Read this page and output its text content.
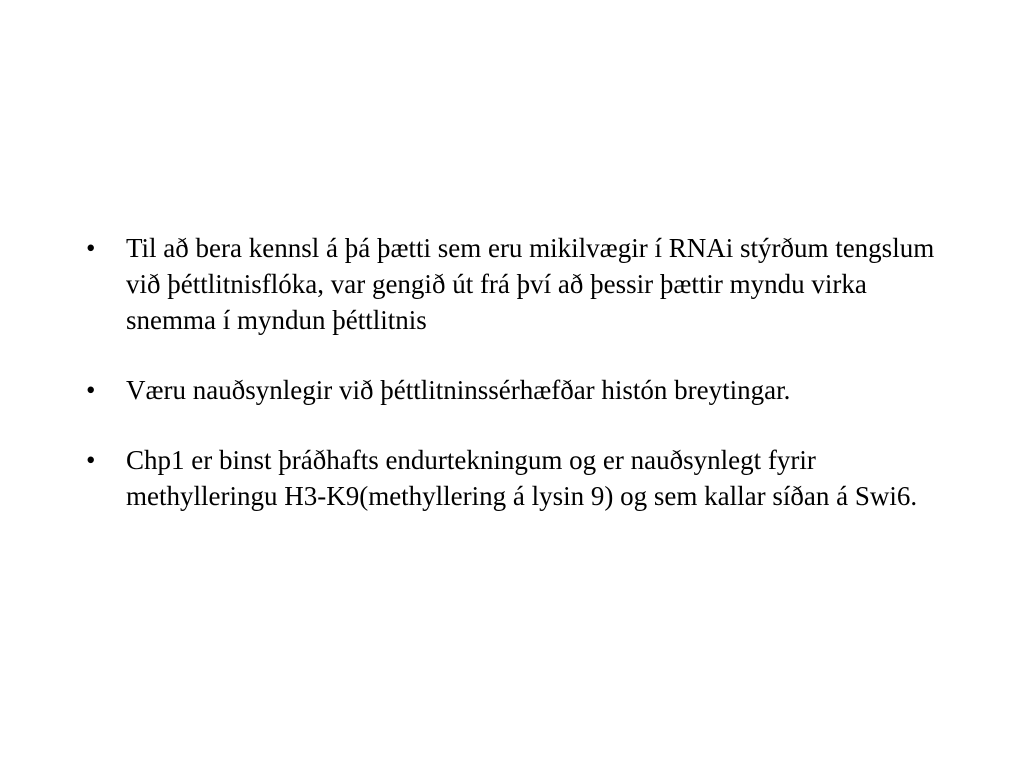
•	Til að bera kennsl á þá þætti sem eru mikilvægir í RNAi stýrðum tengslum við þéttlitnisflóka, var gengið út frá því að þessir þættir myndu virka snemma í myndun þéttlitnis
•	Væru nauðsynlegir við þéttlitninssérhæfðar histón breytingar.
•	Chp1 er binst þráðhafts endurtekningum og er nauðsynlegt fyrir methylleringu H3-K9(methyllering á lysin 9) og sem kallar síðan á Swi6.
